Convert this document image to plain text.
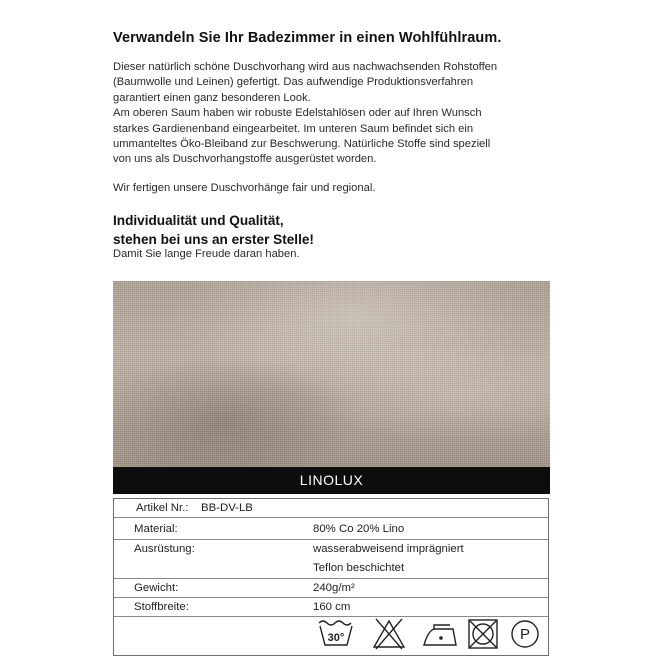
Verwandeln Sie Ihr Badezimmer in einen Wohlfühlraum.

Dieser natürlich schöne Duschvorhang wird aus nachwachsenden Rohstoffen

(Baumwolle und Leinen) gefertigt. Das aufwendige Produktionsverfahren

garantiert einen ganz besonderen Look.

Am oberen Saum haben wir robuste Edelstahlösen oder auf Ihren Wunsch

starkes Gardienenband eingearbeitet. Im unteren Saum befindet sich ein

ummanteltes Öko-Bleiband zur Beschwerung. Natürliche Stoffe sind speziell

von uns als Duschvorhangstoffe ausgerüstet worden.

Wir fertigen unsere Duschvorhänge fair und regional.

Individualität und Qualität,
stehen bei uns an erster Stelle!
Damit Sie lange Freude daran haben.
LINOLUX
Artikel Nr.: BB-DV-LB
Material:	80% Co 20% Lino
Ausrüstung:	wasserabweisend imprägniert
Teflon beschichtet
Gewicht:	240g/m²
Stoffbreite:	160 cm
30°	P
